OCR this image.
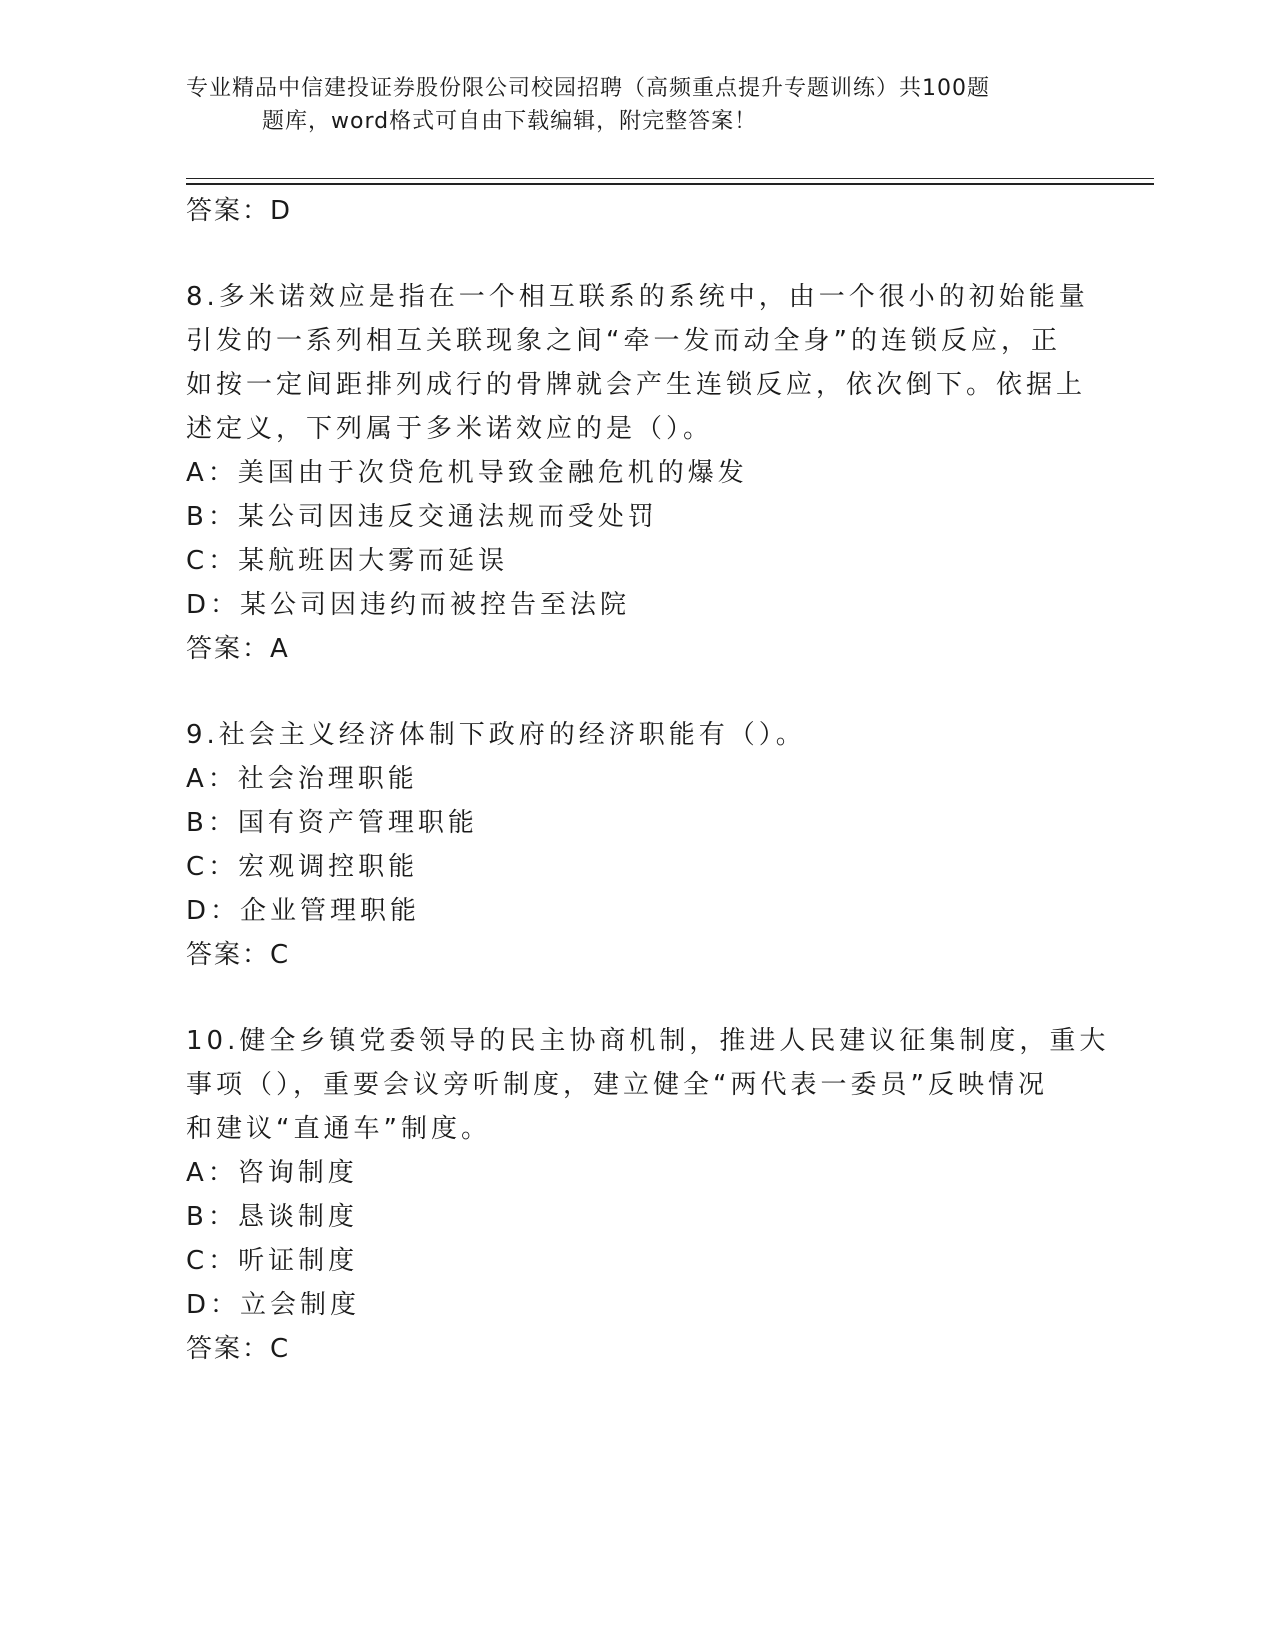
专业精品中信建投证券股份限公司校园招聘（高频重点提升专题训练）共100题
题库，word格式可自由下载编辑，附完整答案！
答案：D
8.多米诺效应是指在一个相互联系的系统中，由一个很小的初始能量
引发的一系列相互关联现象之间“牵一发而动全身”的连锁反应，正
如按一定间距排列成行的骨牌就会产生连锁反应，依次倒下。依据上
述定义，下列属于多米诺效应的是（）。
A：美国由于次贷危机导致金融危机的爆发
B：某公司因违反交通法规而受处罚
C：某航班因大雾而延误
D：某公司因违约而被控告至法院
答案：A
9.社会主义经济体制下政府的经济职能有（）。
A：社会治理职能
B：国有资产管理职能
C：宏观调控职能
D：企业管理职能
答案：C
10.健全乡镇党委领导的民主协商机制，推进人民建议征集制度，重大
事项（），重要会议旁听制度，建立健全“两代表一委员”反映情况
和建议“直通车”制度。
A：咨询制度
B：恳谈制度
C：听证制度
D：立会制度
答案：C
